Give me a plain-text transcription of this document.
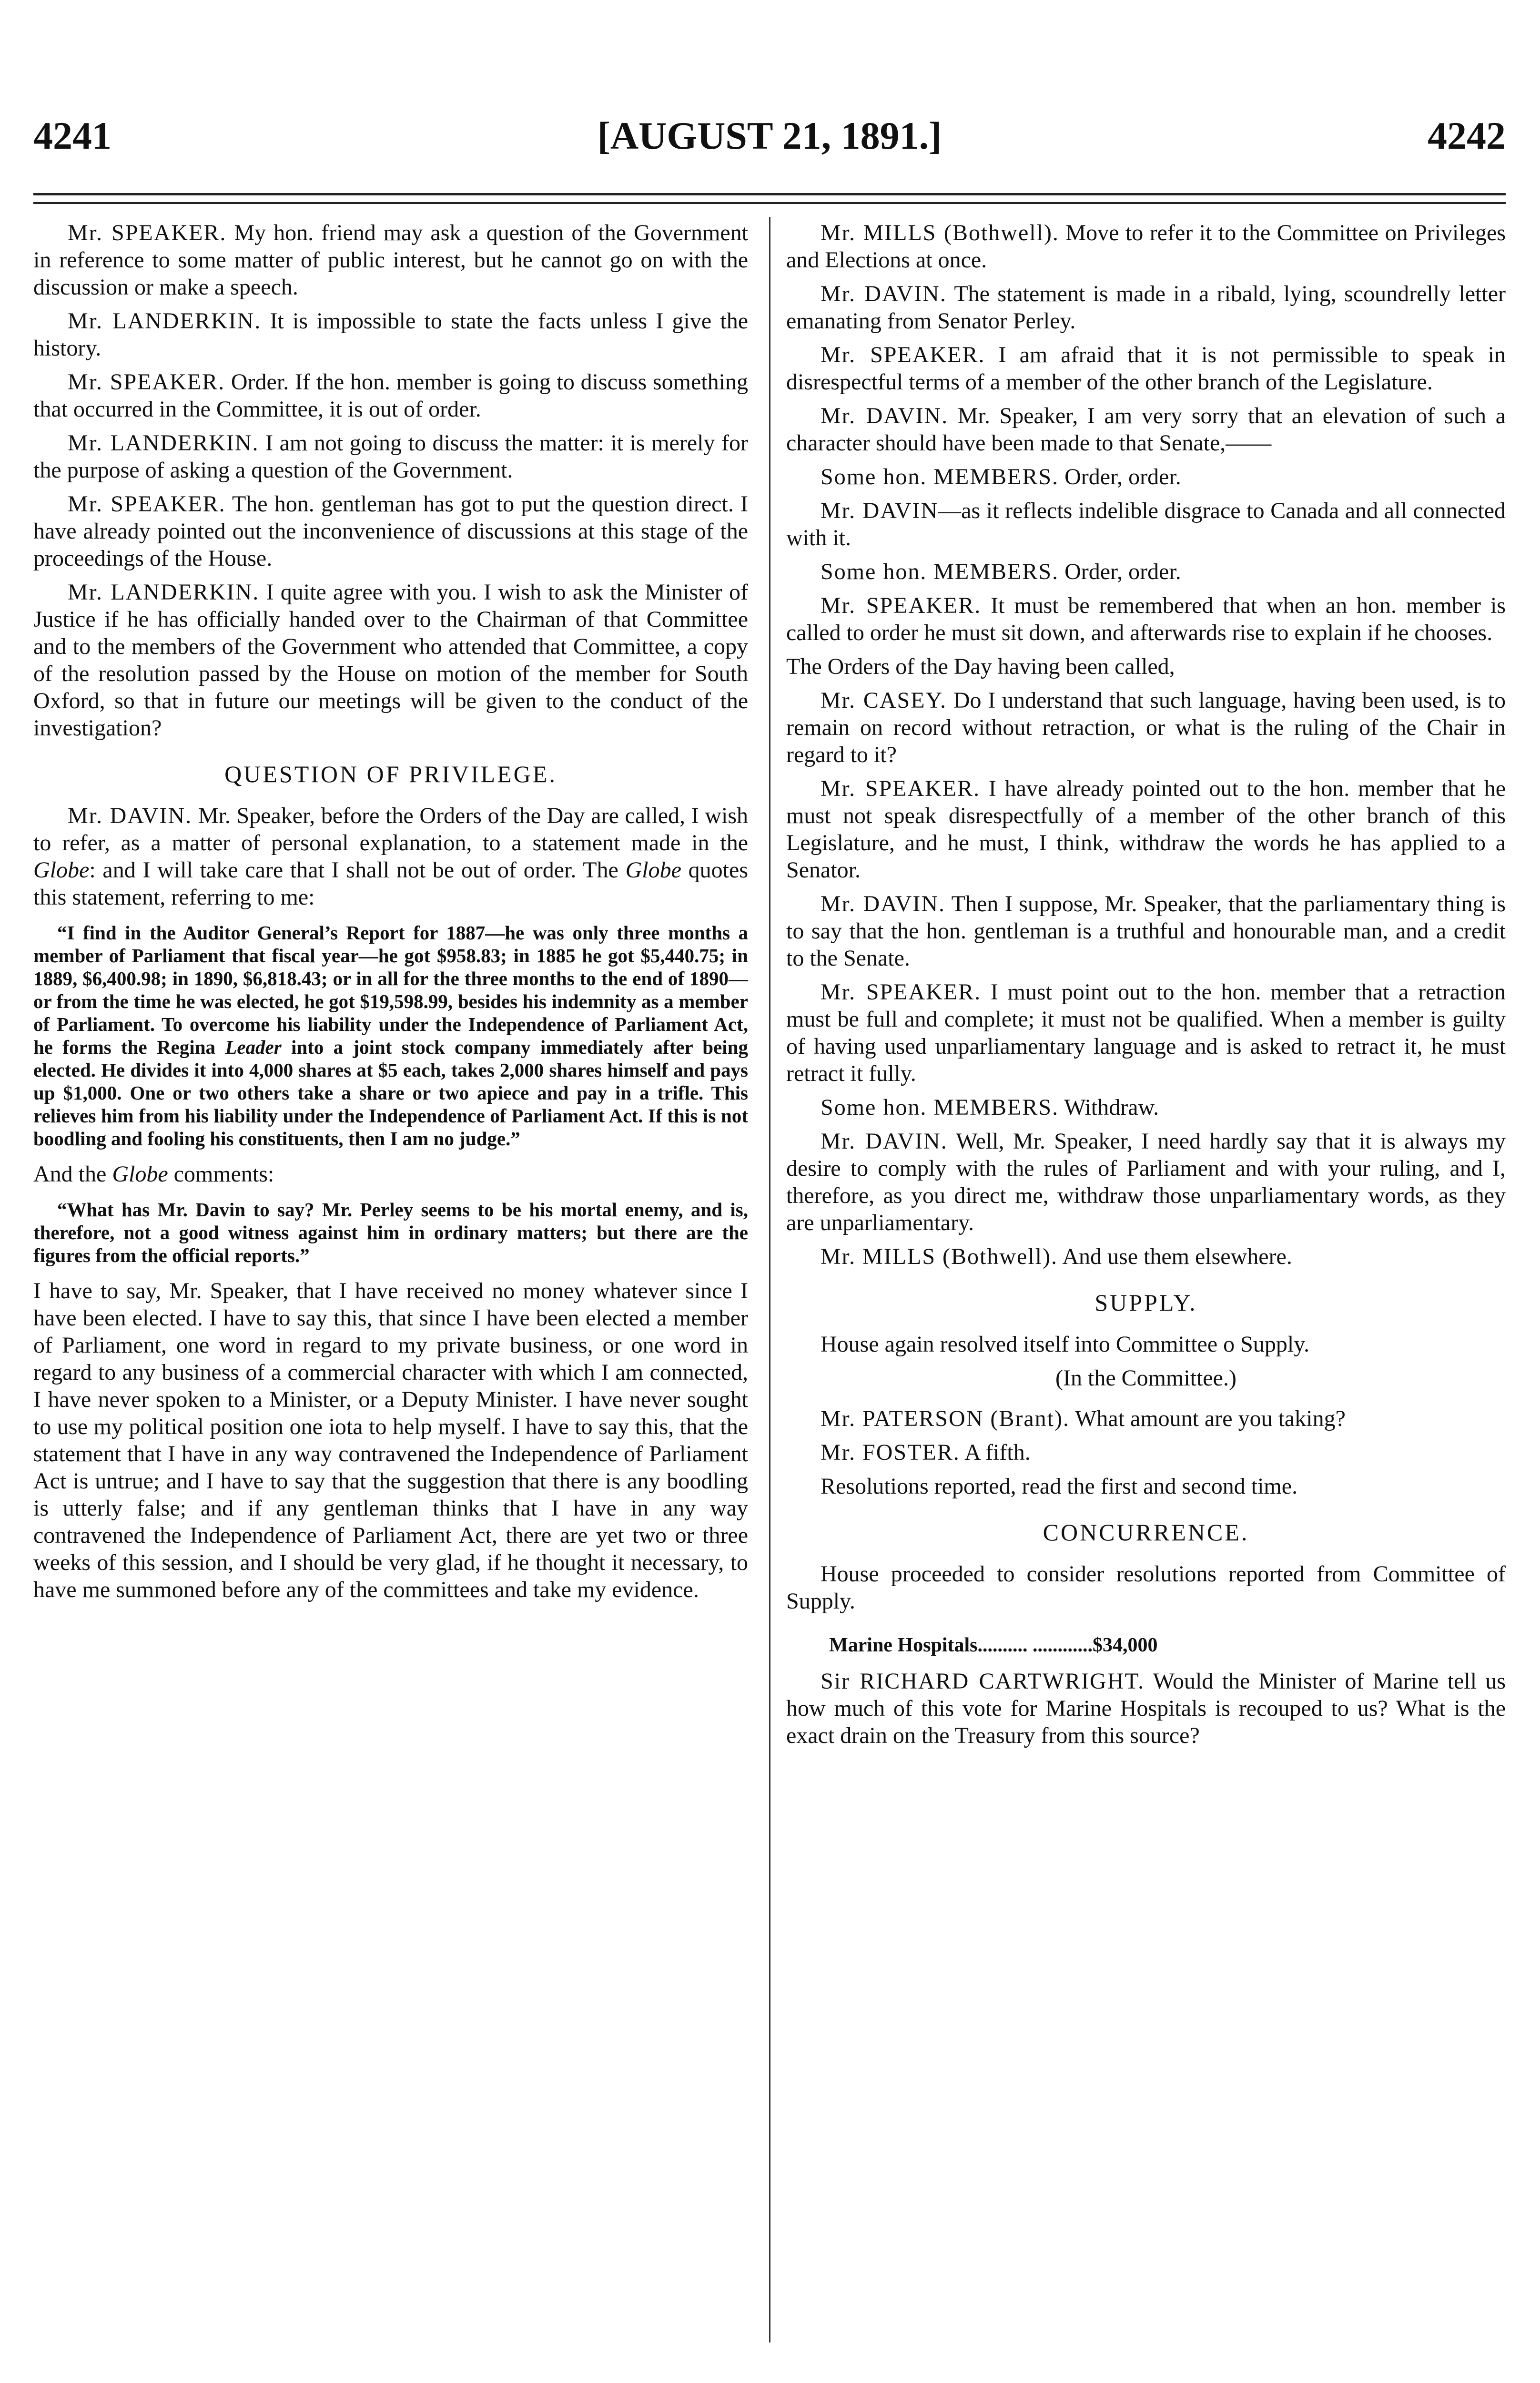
4241	[AUGUST 21, 1891.]	4242

Mr. SPEAKER. My hon. friend may ask a question of the Government in reference to some matter of public interest, but he cannot go on with the discussion or make a speech.

Mr. LANDERKIN. It is impossible to state the facts unless I give the history.

Mr. SPEAKER. Order. If the hon. member is going to discuss something that occurred in the Committee, it is out of order.

Mr. LANDERKIN. I am not going to discuss the matter: it is merely for the purpose of asking a question of the Government.

Mr. SPEAKER. The hon. gentleman has got to put the question direct. I have already pointed out the inconvenience of discussions at this stage of the proceedings of the House.

Mr. LANDERKIN. I quite agree with you. I wish to ask the Minister of Justice if he has officially handed over to the Chairman of that Committee and to the members of the Government who attended that Committee, a copy of the resolution passed by the House on motion of the member for South Oxford, so that in future our meetings will be given to the conduct of the investigation?

QUESTION OF PRIVILEGE.

Mr. DAVIN. Mr. Speaker, before the Orders of the Day are called, I wish to refer, as a matter of personal explanation, to a statement made in the Globe: and I will take care that I shall not be out of order. The Globe quotes this statement, referring to me:

“I find in the Auditor General’s Report for 1887—he was only three months a member of Parliament that fiscal year—he got $958.83; in 1885 he got $5,440.75; in 1889, $6,400.98; in 1890, $6,818.43; or in all for the three months to the end of 1890—or from the time he was elected, he got $19,598.99, besides his indemnity as a member of Parliament. To overcome his liability under the Independence of Parliament Act, he forms the Regina Leader into a joint stock company immediately after being elected. He divides it into 4,000 shares at $5 each, takes 2,000 shares himself and pays up $1,000. One or two others take a share or two apiece and pay in a trifle. This relieves him from his liability under the Independence of Parliament Act. If this is not boodling and fooling his constituents, then I am no judge.”

And the Globe comments:

“What has Mr. Davin to say? Mr. Perley seems to be his mortal enemy, and is, therefore, not a good witness against him in ordinary matters; but there are the figures from the official reports.”

I have to say, Mr. Speaker, that I have received no money whatever since I have been elected. I have to say this, that since I have been elected a member of Parliament, one word in regard to my private business, or one word in regard to any business of a commercial character with which I am connected, I have never spoken to a Minister, or a Deputy Minister. I have never sought to use my political position one iota to help myself. I have to say this, that the statement that I have in any way contravened the Independence of Parliament Act is untrue; and I have to say that the suggestion that there is any boodling is utterly false; and if any gentleman thinks that I have in any way contravened the Independence of Parliament Act, there are yet two or three weeks of this session, and I should be very glad, if he thought it necessary, to have me summoned before any of the committees and take my evidence.

Mr. MILLS (Bothwell). Move to refer it to the Committee on Privileges and Elections at once.

Mr. DAVIN. The statement is made in a ribald, lying, scoundrelly letter emanating from Senator Perley.

Mr. SPEAKER. I am afraid that it is not permissible to speak in disrespectful terms of a member of the other branch of the Legislature.

Mr. DAVIN. Mr. Speaker, I am very sorry that an elevation of such a character should have been made to that Senate,——

Some hon. MEMBERS. Order, order.

Mr. DAVIN—as it reflects indelible disgrace to Canada and all connected with it.

Some hon. MEMBERS. Order, order.

Mr. SPEAKER. It must be remembered that when an hon. member is called to order he must sit down, and afterwards rise to explain if he chooses.

The Orders of the Day having been called,

Mr. CASEY. Do I understand that such language, having been used, is to remain on record without retraction, or what is the ruling of the Chair in regard to it?

Mr. SPEAKER. I have already pointed out to the hon. member that he must not speak disrespectfully of a member of the other branch of this Legislature, and he must, I think, withdraw the words he has applied to a Senator.

Mr. DAVIN. Then I suppose, Mr. Speaker, that the parliamentary thing is to say that the hon. gentleman is a truthful and honourable man, and a credit to the Senate.

Mr. SPEAKER. I must point out to the hon. member that a retraction must be full and complete; it must not be qualified. When a member is guilty of having used unparliamentary language and is asked to retract it, he must retract it fully.

Some hon. MEMBERS. Withdraw.

Mr. DAVIN. Well, Mr. Speaker, I need hardly say that it is always my desire to comply with the rules of Parliament and with your ruling, and I, therefore, as you direct me, withdraw those unparliamentary words, as they are unparliamentary.

Mr. MILLS (Bothwell). And use them elsewhere.

SUPPLY.

House again resolved itself into Committee o Supply.

(In the Committee.)

Mr. PATERSON (Brant). What amount are you taking?

Mr. FOSTER. A fifth.

Resolutions reported, read the first and second time.

CONCURRENCE.

House proceeded to consider resolutions reported from Committee of Supply.

Marine Hospitals.......... ............$34,000

Sir RICHARD CARTWRIGHT. Would the Minister of Marine tell us how much of this vote for Marine Hospitals is recouped to us? What is the exact drain on the Treasury from this source?
